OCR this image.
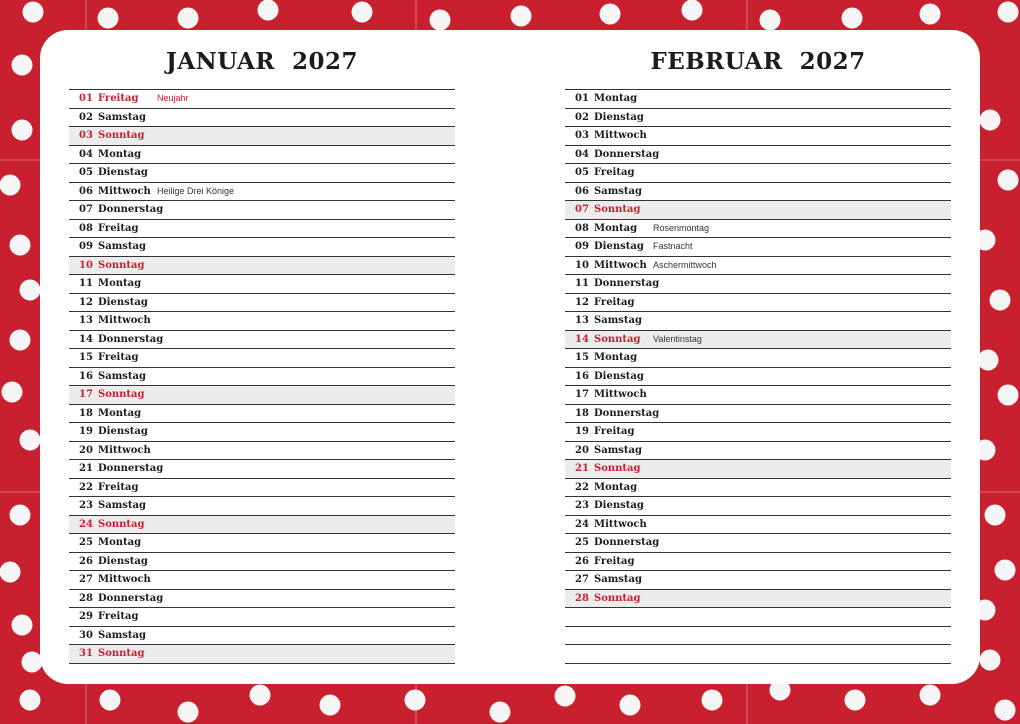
JANUAR  2027
01 Freitag Neujahr
02 Samstag
03 Sonntag
04 Montag
05 Dienstag
06 Mittwoch Heilige Drei Könige
07 Donnerstag
08 Freitag
09 Samstag
10 Sonntag
11 Montag
12 Dienstag
13 Mittwoch
14 Donnerstag
15 Freitag
16 Samstag
17 Sonntag
18 Montag
19 Dienstag
20 Mittwoch
21 Donnerstag
22 Freitag
23 Samstag
24 Sonntag
25 Montag
26 Dienstag
27 Mittwoch
28 Donnerstag
29 Freitag
30 Samstag
31 Sonntag
FEBRUAR  2027
01 Montag
02 Dienstag
03 Mittwoch
04 Donnerstag
05 Freitag
06 Samstag
07 Sonntag
08 Montag Rosenmontag
09 Dienstag Fastnacht
10 Mittwoch Aschermittwoch
11 Donnerstag
12 Freitag
13 Samstag
14 Sonntag Valentinstag
15 Montag
16 Dienstag
17 Mittwoch
18 Donnerstag
19 Freitag
20 Samstag
21 Sonntag
22 Montag
23 Dienstag
24 Mittwoch
25 Donnerstag
26 Freitag
27 Samstag
28 Sonntag
